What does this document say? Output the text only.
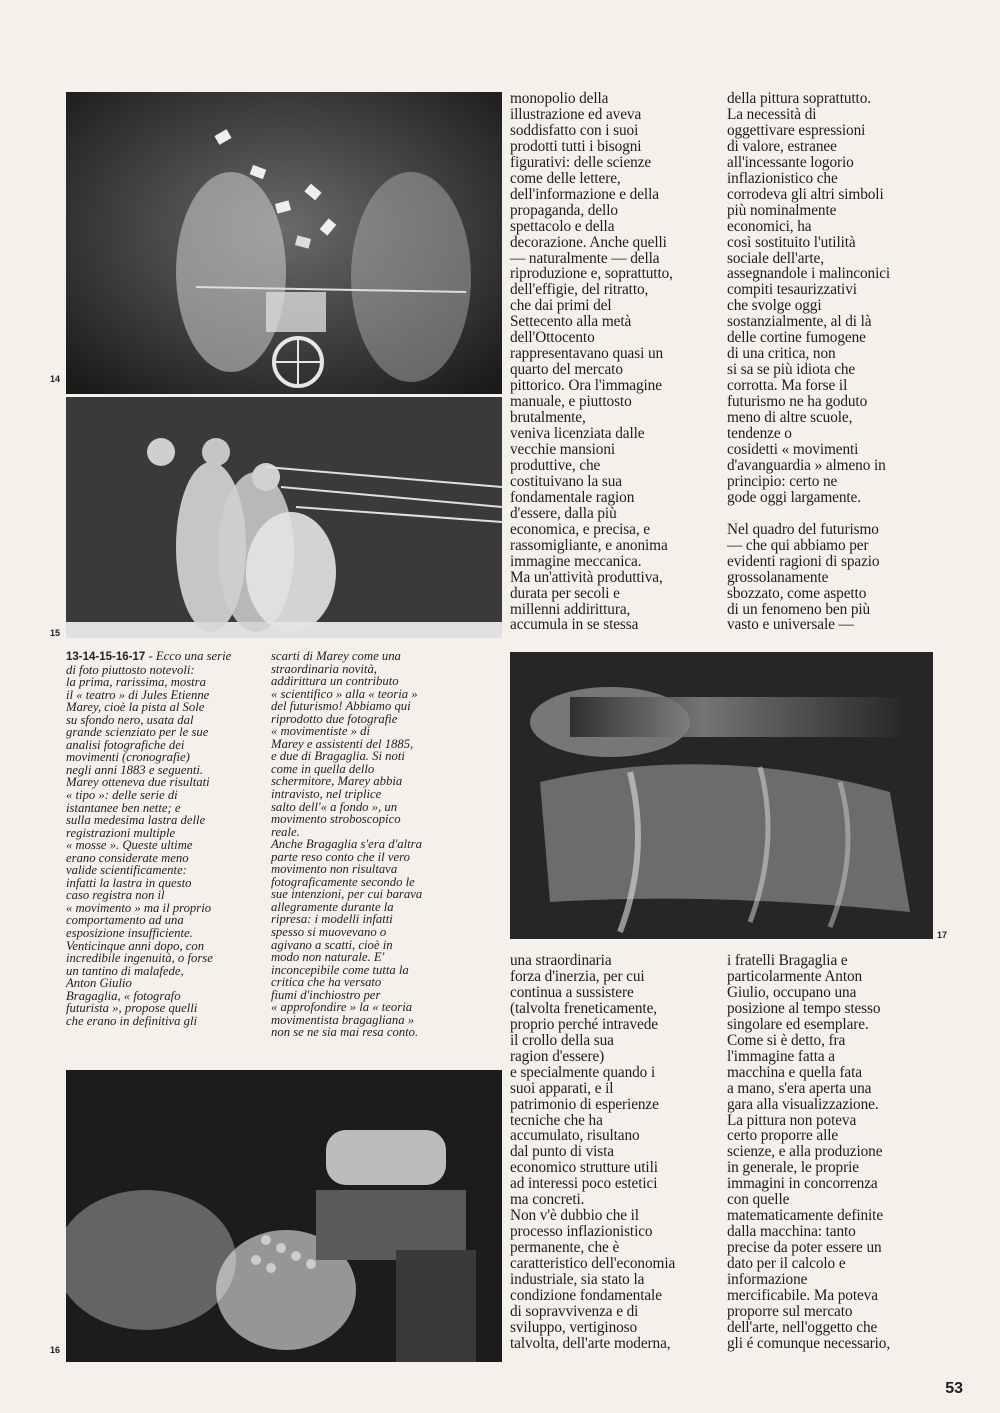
14
15
17
16
13-14-15-16-17 - Ecco una serie
di foto piuttosto notevoli:
la prima, rarissima, mostra
il « teatro » di Jules Etienne
Marey, cioè la pista al Sole
su sfondo nero, usata dal
grande scienziato per le sue
analisi fotografiche dei
movimenti (cronografie)
negli anni 1883 e seguenti.
Marey otteneva due risultati
« tipo »: delle serie di
istantanee ben nette; e
sulla medesima lastra delle
registrazioni multiple
« mosse ». Queste ultime
erano considerate meno
valide scientificamente:
infatti la lastra in questo
caso registra non il
« movimento » ma il proprio
comportamento ad una
esposizione insufficiente.
Venticinque anni dopo, con
incredibile ingenuità, o forse
un tantino di malafede,
Anton Giulio
Bragaglia, « fotografo
futurista », propose quelli
che erano in definitiva gli
scarti di Marey come una
straordinaria novità,
addirittura un contributo
« scientifico » alla « teoria »
del futurismo! Abbiamo qui
riprodotto due fotografie
« movimentiste » di
Marey e assistenti del 1885,
e due di Bragaglia. Si noti
come in quella dello
schermitore, Marey abbia
intravisto, nel triplice
salto dell'« a fondo », un
movimento stroboscopico
reale.
Anche Bragaglia s'era d'altra
parte reso conto che il vero
movimento non risultava
fotograficamente secondo le
sue intenzioni, per cui barava
allegramente durante la
ripresa: i modelli infatti
spesso si muovevano o
agivano a scatti, cioè in
modo non naturale. E'
inconcepibile come tutta la
critica che ha versato
fiumi d'inchiostro per
« approfondire » la « teoria
movimentista bragagliana »
non se ne sia mai resa conto.
monopolio della
illustrazione ed aveva
soddisfatto con i suoi
prodotti tutti i bisogni
figurativi: delle scienze
come delle lettere,
dell'informazione e della
propaganda, dello
spettacolo e della
decorazione. Anche quelli
— naturalmente — della
riproduzione e, soprattutto,
dell'effigie, del ritratto,
che dai primi del
Settecento alla metà
dell'Ottocento
rappresentavano quasi un
quarto del mercato
pittorico. Ora l'immagine
manuale, e piuttosto
brutalmente,
veniva licenziata dalle
vecchie mansioni
produttive, che
costituivano la sua
fondamentale ragion
d'essere, dalla più
economica, e precisa, e
rassomigliante, e anonima
immagine meccanica.
Ma un'attività produttiva,
durata per secoli e
millenni addirittura,
accumula in se stessa
della pittura soprattutto.
La necessità di
oggettivare espressioni
di valore, estranee
all'incessante logorio
inflazionistico che
corrodeva gli altri simboli
più nominalmente
economici, ha
così sostituito l'utilità
sociale dell'arte,
assegnandole i malinconici
compiti tesaurizzativi
che svolge oggi
sostanzialmente, al di là
delle cortine fumogene
di una critica, non
si sa se più idiota che
corrotta. Ma forse il
futurismo ne ha goduto
meno di altre scuole,
tendenze o
cosidetti « movimenti
d'avanguardia » almeno in
principio: certo ne
gode oggi largamente.

Nel quadro del futurismo
— che qui abbiamo per
evidenti ragioni di spazio
grossolanamente
sbozzato, come aspetto
di un fenomeno ben più
vasto e universale —
una straordinaria
forza d'inerzia, per cui
continua a sussistere
(talvolta freneticamente,
proprio perché intravede
il crollo della sua
ragion d'essere)
e specialmente quando i
suoi apparati, e il
patrimonio di esperienze
tecniche che ha
accumulato, risultano
dal punto di vista
economico strutture utili
ad interessi poco estetici
ma concreti.
Non v'è dubbio che il
processo inflazionistico
permanente, che è
caratteristico dell'economia
industriale, sia stato la
condizione fondamentale
di sopravvivenza e di
sviluppo, vertiginoso
talvolta, dell'arte moderna,
i fratelli Bragaglia e
particolarmente Anton
Giulio, occupano una
posizione al tempo stesso
singolare ed esemplare.
Come si è detto, fra
l'immagine fatta a
macchina e quella fata
a mano, s'era aperta una
gara alla visualizzazione.
La pittura non poteva
certo proporre alle
scienze, e alla produzione
in generale, le proprie
immagini in concorrenza
con quelle
matematicamente definite
dalla macchina: tanto
precise da poter essere un
dato per il calcolo e
informazione
mercificabile. Ma poteva
proporre sul mercato
dell'arte, nell'oggetto che
gli é comunque necessario,
53
